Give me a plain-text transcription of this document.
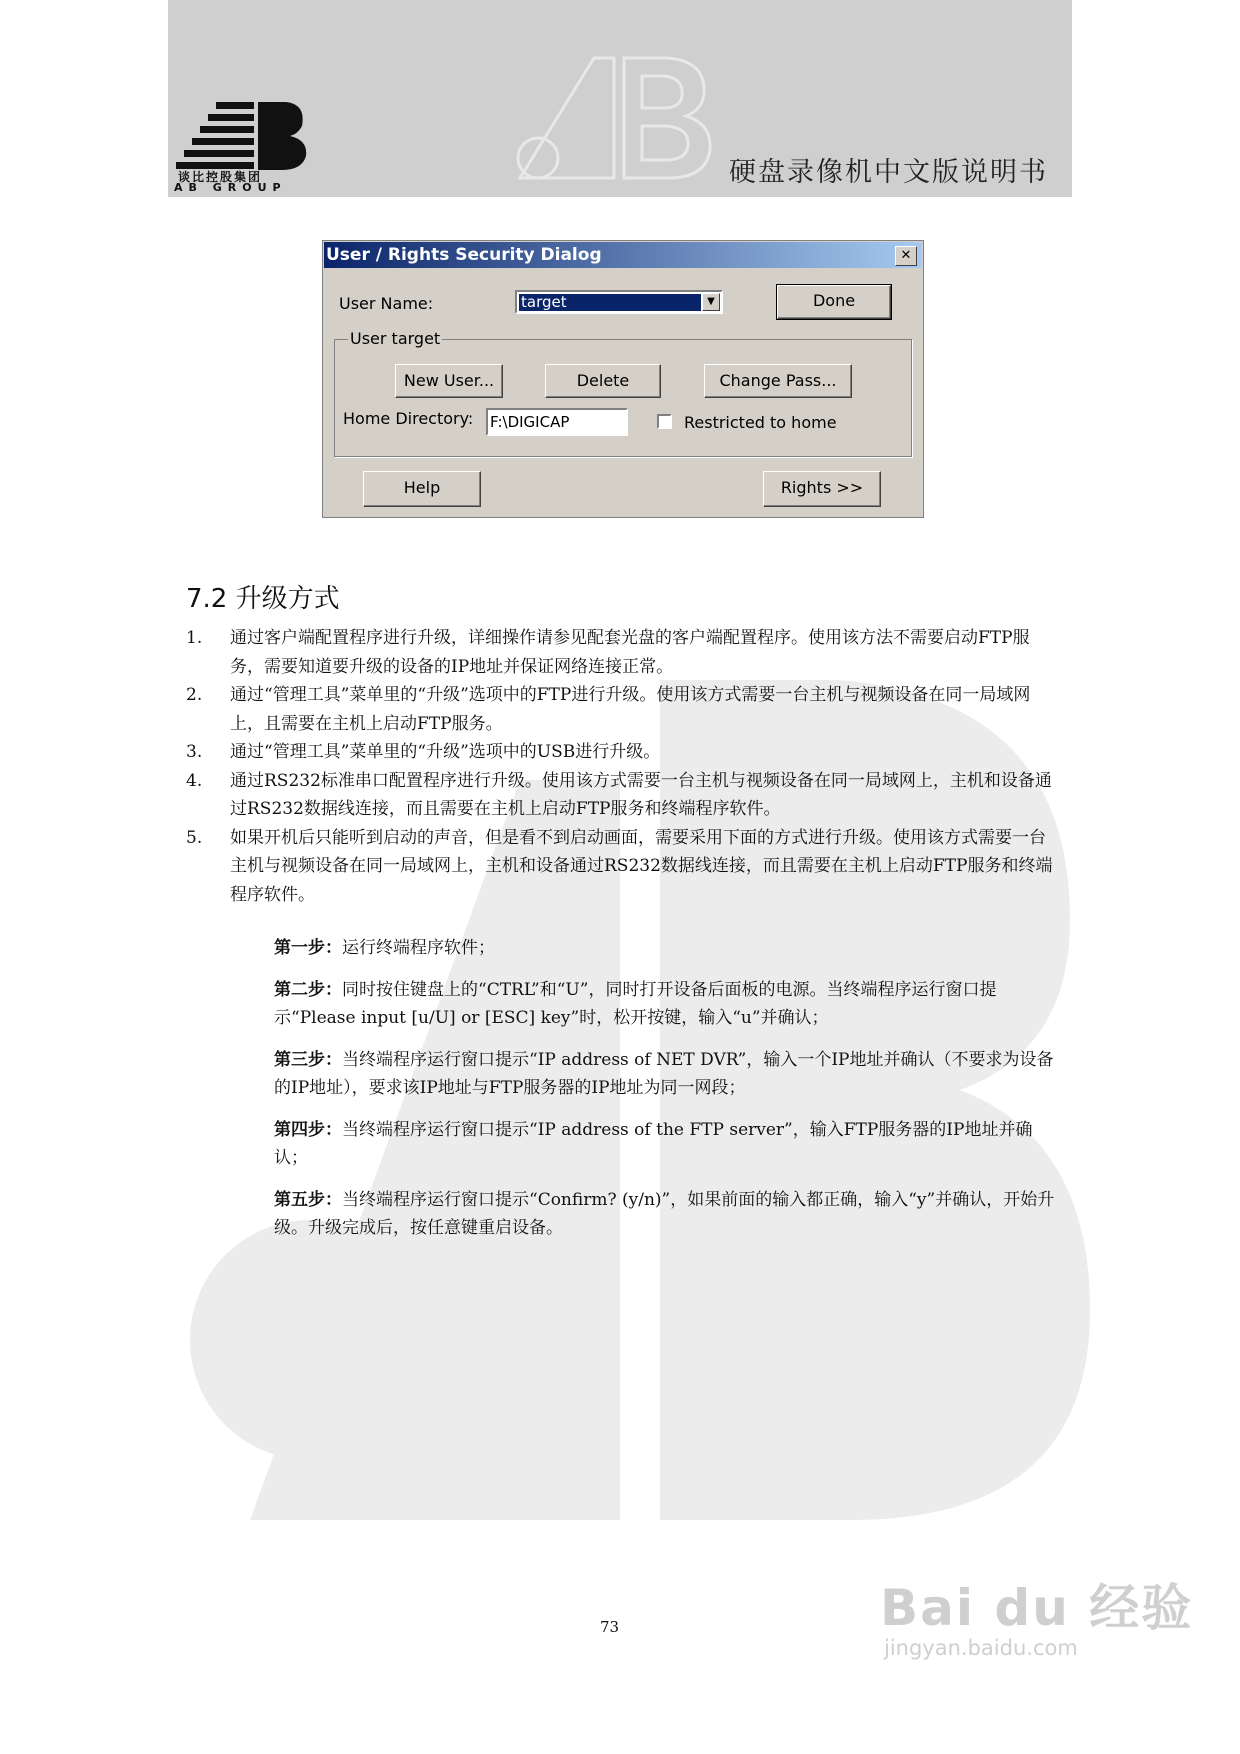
谈比控股集团
AB GROUP	硬盘录像机中文版说明书
User / Rights Security Dialog	✕
User Name:	target	▼	Done
User target
New User...	Delete	Change Pass...
Home Directory: F:\DIGICAP	Restricted to home
Help	Rights >>
7.2 升级方式
1. 通过客户端配置程序进行升级，详细操作请参见配套光盘的客户端配置程序。使用该方法不需要启动FTP服务，需要知道要升级的设备的IP地址并保证网络连接正常。
2. 通过“管理工具”菜单里的“升级”选项中的FTP进行升级。使用该方式需要一台主机与视频设备在同一局域网上，且需要在主机上启动FTP服务。
3. 通过“管理工具”菜单里的“升级”选项中的USB进行升级。
4. 通过RS232标准串口配置程序进行升级。使用该方式需要一台主机与视频设备在同一局域网上，主机和设备通过RS232数据线连接，而且需要在主机上启动FTP服务和终端程序软件。
5. 如果开机后只能听到启动的声音，但是看不到启动画面，需要采用下面的方式进行升级。使用该方式需要一台主机与视频设备在同一局域网上，主机和设备通过RS232数据线连接，而且需要在主机上启动FTP服务和终端程序软件。
第一步：运行终端程序软件；
第二步：同时按住键盘上的“CTRL”和“U”，同时打开设备后面板的电源。当终端程序运行窗口提示“Please input [u/U] or [ESC] key”时，松开按键，输入“u”并确认；
第三步：当终端程序运行窗口提示“IP address of NET DVR”，输入一个IP地址并确认（不要求为设备的IP地址），要求该IP地址与FTP服务器的IP地址为同一网段；
第四步：当终端程序运行窗口提示“IP address of the FTP server”，输入FTP服务器的IP地址并确认；
第五步：当终端程序运行窗口提示“Confirm? (y/n)”，如果前面的输入都正确，输入“y”并确认，开始升级。升级完成后，按任意键重启设备。
73	Bai du 经验
jingyan.baidu.com
